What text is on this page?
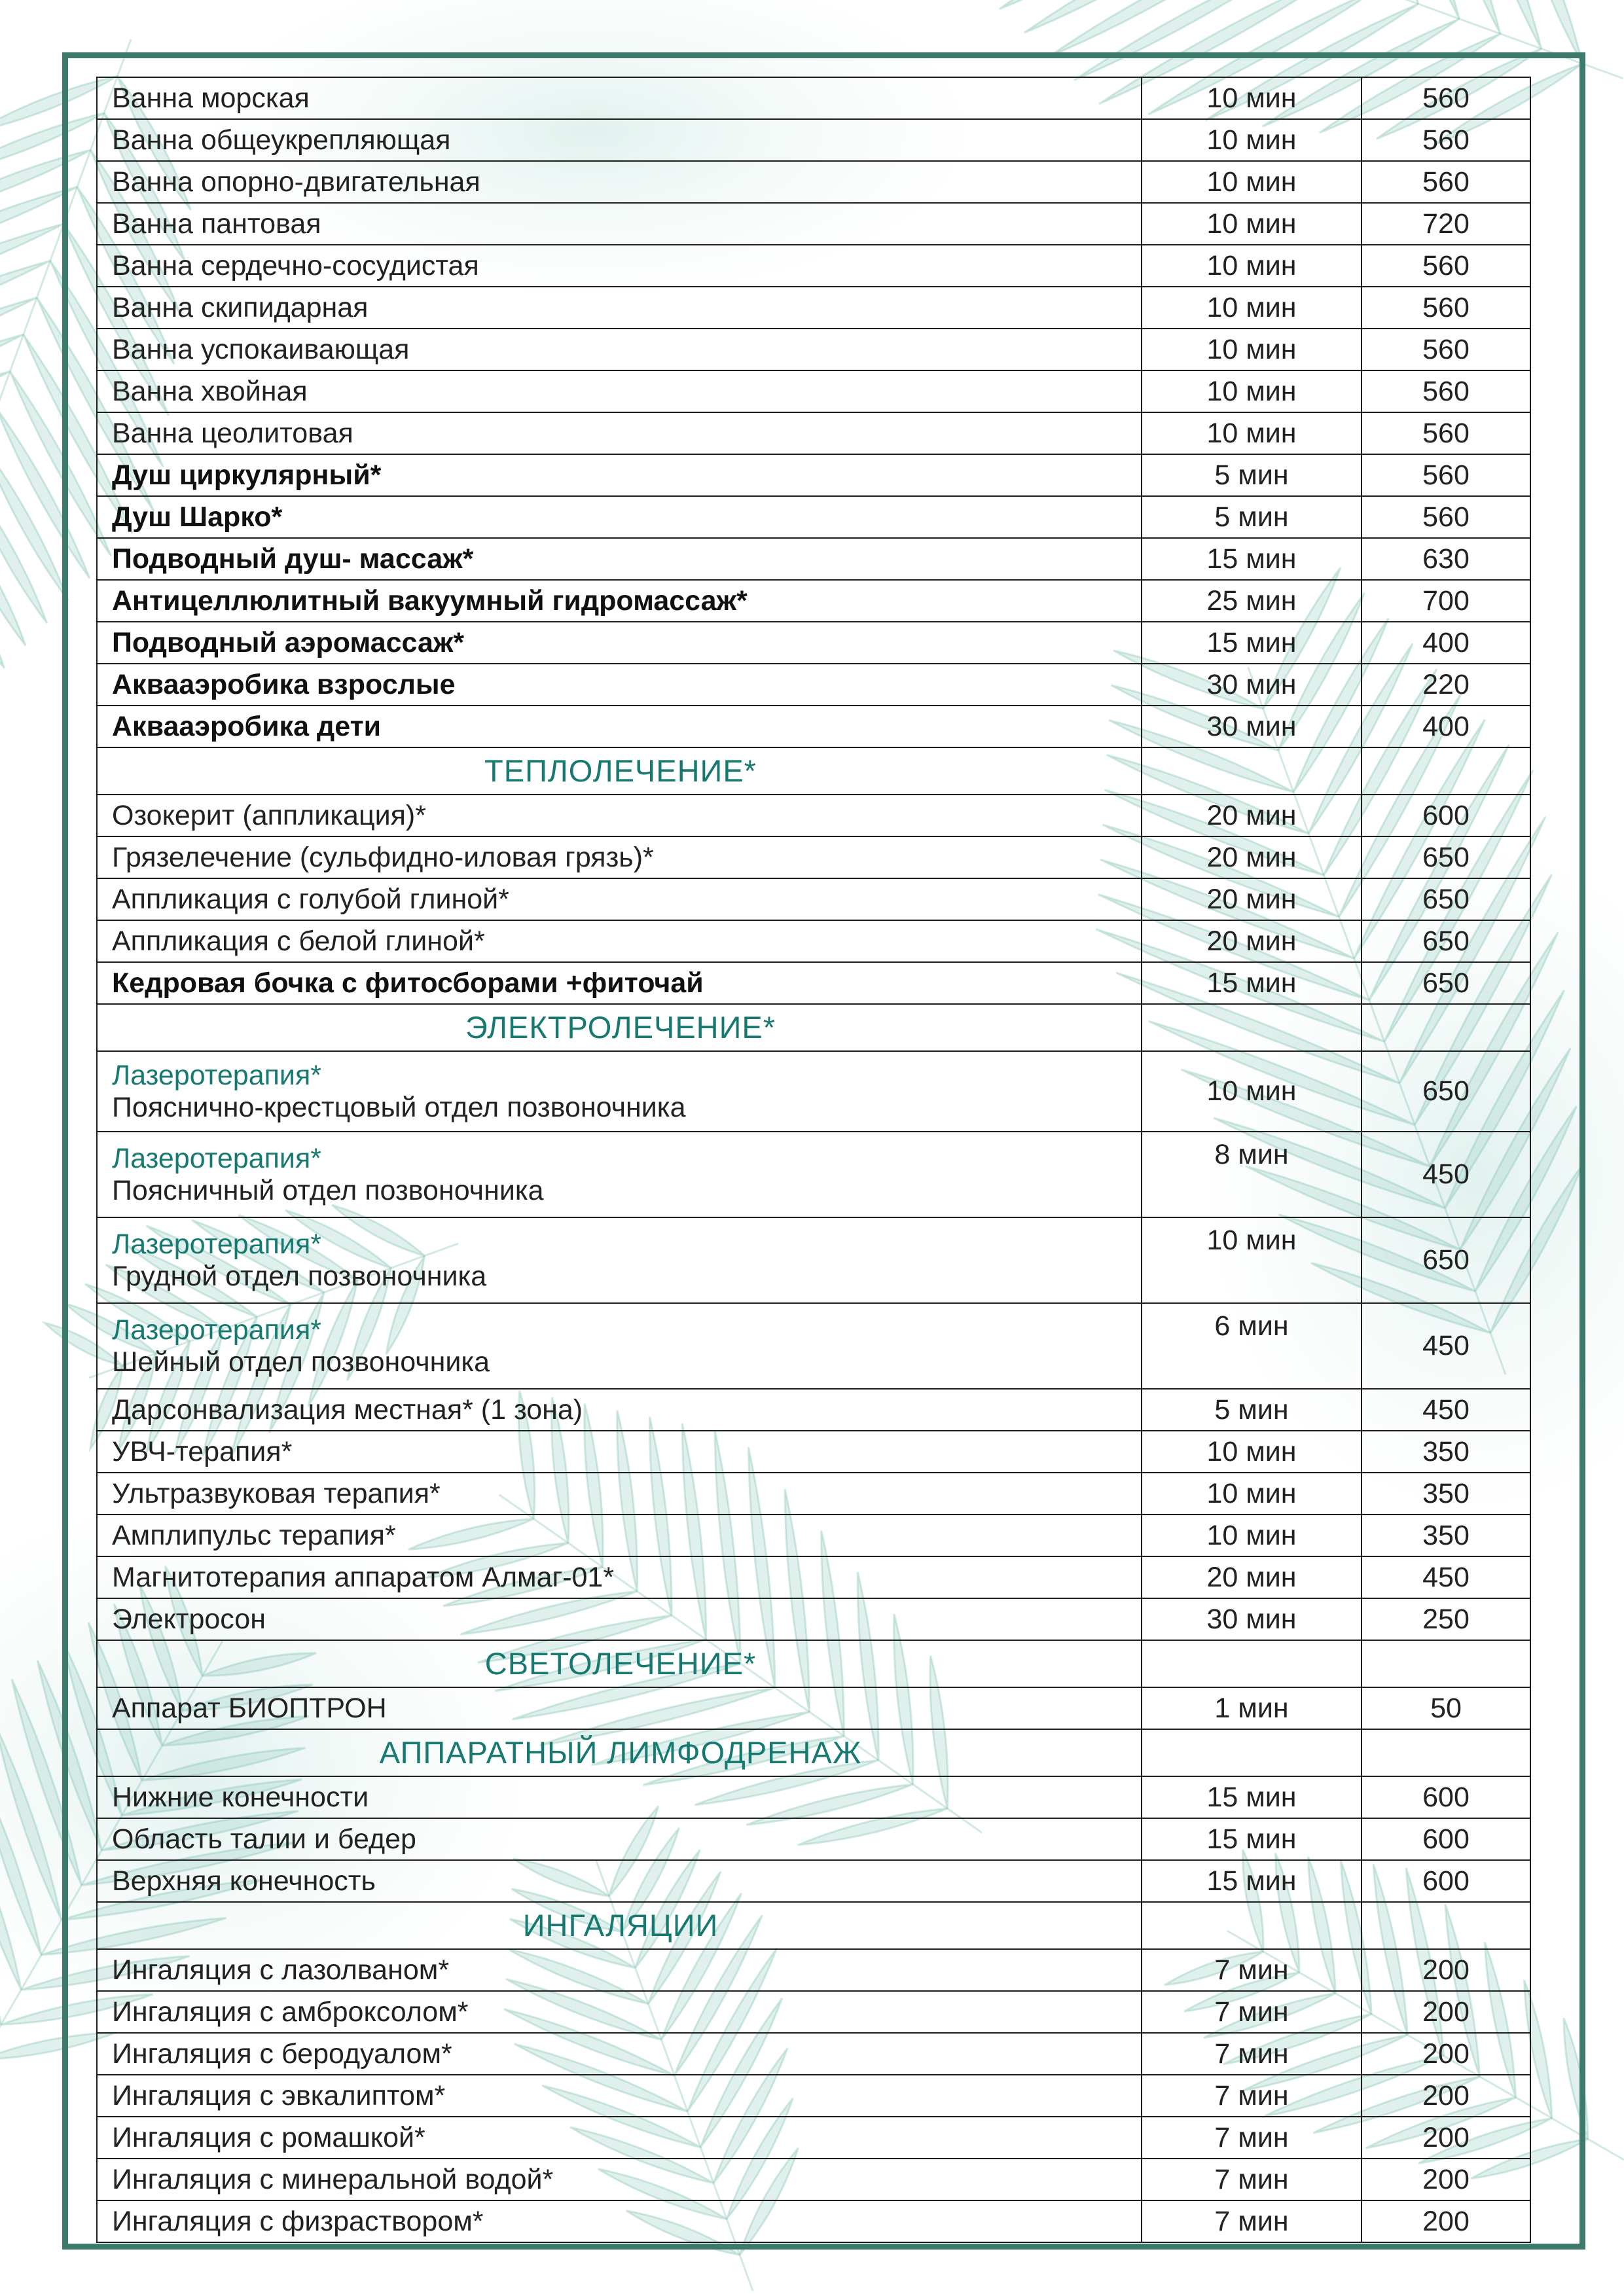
Ванна морская	10 мин	560
Ванна общеукрепляющая	10 мин	560
Ванна опорно-двигательная	10 мин	560
Ванна пантовая	10 мин	720
Ванна сердечно-сосудистая	10 мин	560
Ванна скипидарная	10 мин	560
Ванна успокаивающая	10 мин	560
Ванна хвойная	10 мин	560
Ванна цеолитовая	10 мин	560
Душ циркулярный*	5 мин	560
Душ Шарко*	5 мин	560
Подводный душ- массаж*	15 мин	630
Антицеллюлитный вакуумный гидромассаж*	25 мин	700
Подводный аэромассаж*	15 мин	400
Аквааэробика взрослые	30 мин	220
Аквааэробика дети	30 мин	400
ТЕПЛОЛЕЧЕНИЕ*		
Озокерит (аппликация)*	20 мин	600
Грязелечение (сульфидно-иловая грязь)*	20 мин	650
Аппликация с голубой глиной*	20 мин	650
Аппликация с белой глиной*	20 мин	650
Кедровая бочка с фитосборами +фиточай	15 мин	650
ЭЛЕКТРОЛЕЧЕНИЕ*		

Лазеротерапия*
Пояснично-крестцовый отдел позвоночника	10 мин	650

Лазеротерапия*
Поясничный отдел позвоночника	8 мин	450

Лазеротерапия*
Грудной отдел позвоночника	10 мин	650

Лазеротерапия*
Шейный отдел позвоночника	6 мин	450
Дарсонвализация местная* (1 зона)	5 мин	450
УВЧ-терапия*	10 мин	350
Ультразвуковая терапия*	10 мин	350
Амплипульс терапия*	10 мин	350
Магнитотерапия аппаратом Алмаг-01*	20 мин	450
Электросон	30 мин	250
СВЕТОЛЕЧЕНИЕ*		
Аппарат БИОПТРОН	1 мин	50
АППАРАТНЫЙ ЛИМФОДРЕНАЖ		
Нижние конечности	15 мин	600
Область талии и бедер	15 мин	600
Верхняя конечность	15 мин	600
ИНГАЛЯЦИИ		
Ингаляция с лазолваном*	7 мин	200
Ингаляция с амброксолом*	7 мин	200
Ингаляция с беродуалом*	7 мин	200
Ингаляция с эвкалиптом*	7 мин	200
Ингаляция с ромашкой*	7 мин	200
Ингаляция с минеральной водой*	7 мин	200
Ингаляция с физраствором*	7 мин	200
